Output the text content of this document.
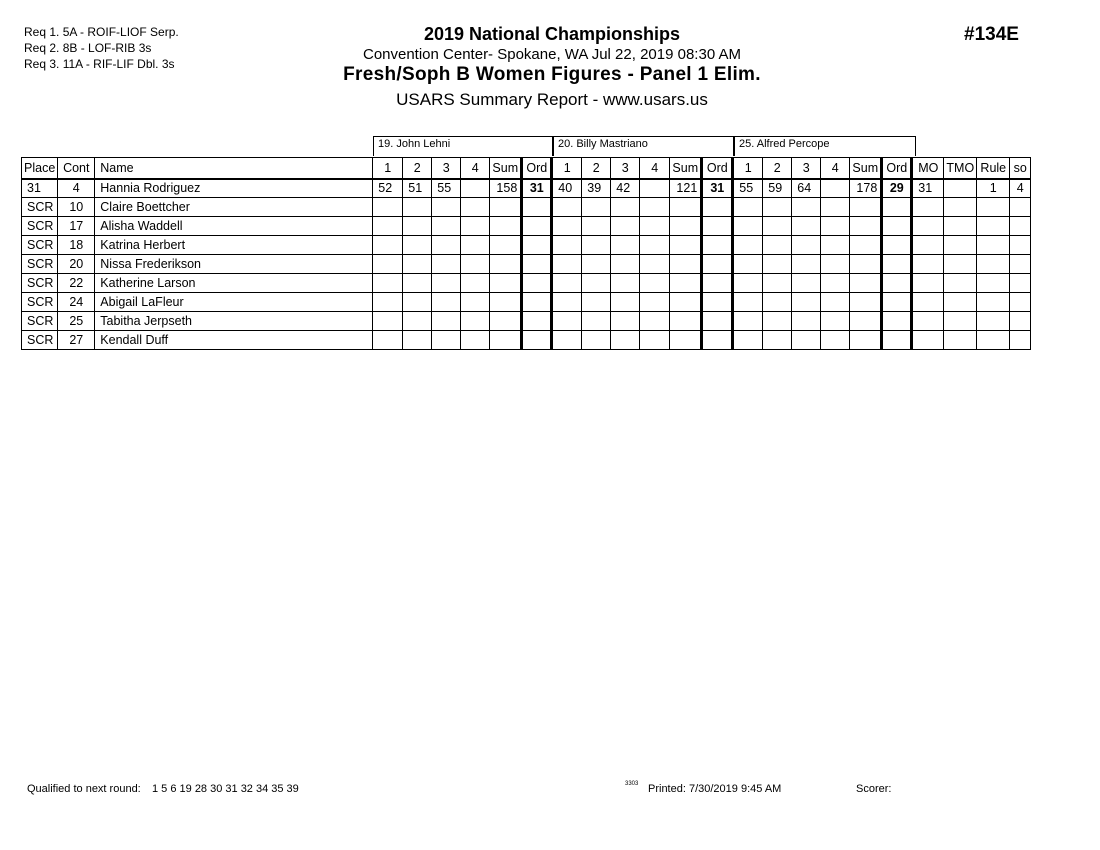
Req 1. 5A - ROIF-LIOF Serp.
Req 2. 8B - LOF-RIB 3s
Req 3. 11A - RIF-LIF Dbl. 3s
2019 National Championships
Convention Center- Spokane, WA Jul 22, 2019 08:30 AM
Fresh/Soph B Women Figures - Panel 1 Elim.
USARS Summary Report - www.usars.us
#134E
19. John Lehni	20. Billy Mastriano	25. Alfred Percope
Place	Cont	Name	1	2	3	4	Sum	Ord	1	2	3	4	Sum	Ord	1	2	3	4	Sum	Ord	MO	TMO	Rule	so
31	4	Hannia Rodriguez	52	51	55		158	31	40	39	42		121	31	55	59	64		178	29	31		1	4
SCR	10	Claire Boettcher																						
SCR	17	Alisha Waddell																						
SCR	18	Katrina Herbert																						
SCR	20	Nissa Frederikson																						
SCR	22	Katherine Larson																						
SCR	24	Abigail LaFleur																						
SCR	25	Tabitha Jerpseth																						
SCR	27	Kendall Duff																						
Qualified to next round: 1 5 6 19 28 30 31 32 34 35 39	3303 Printed: 7/30/2019 9:45 AM	Scorer:
